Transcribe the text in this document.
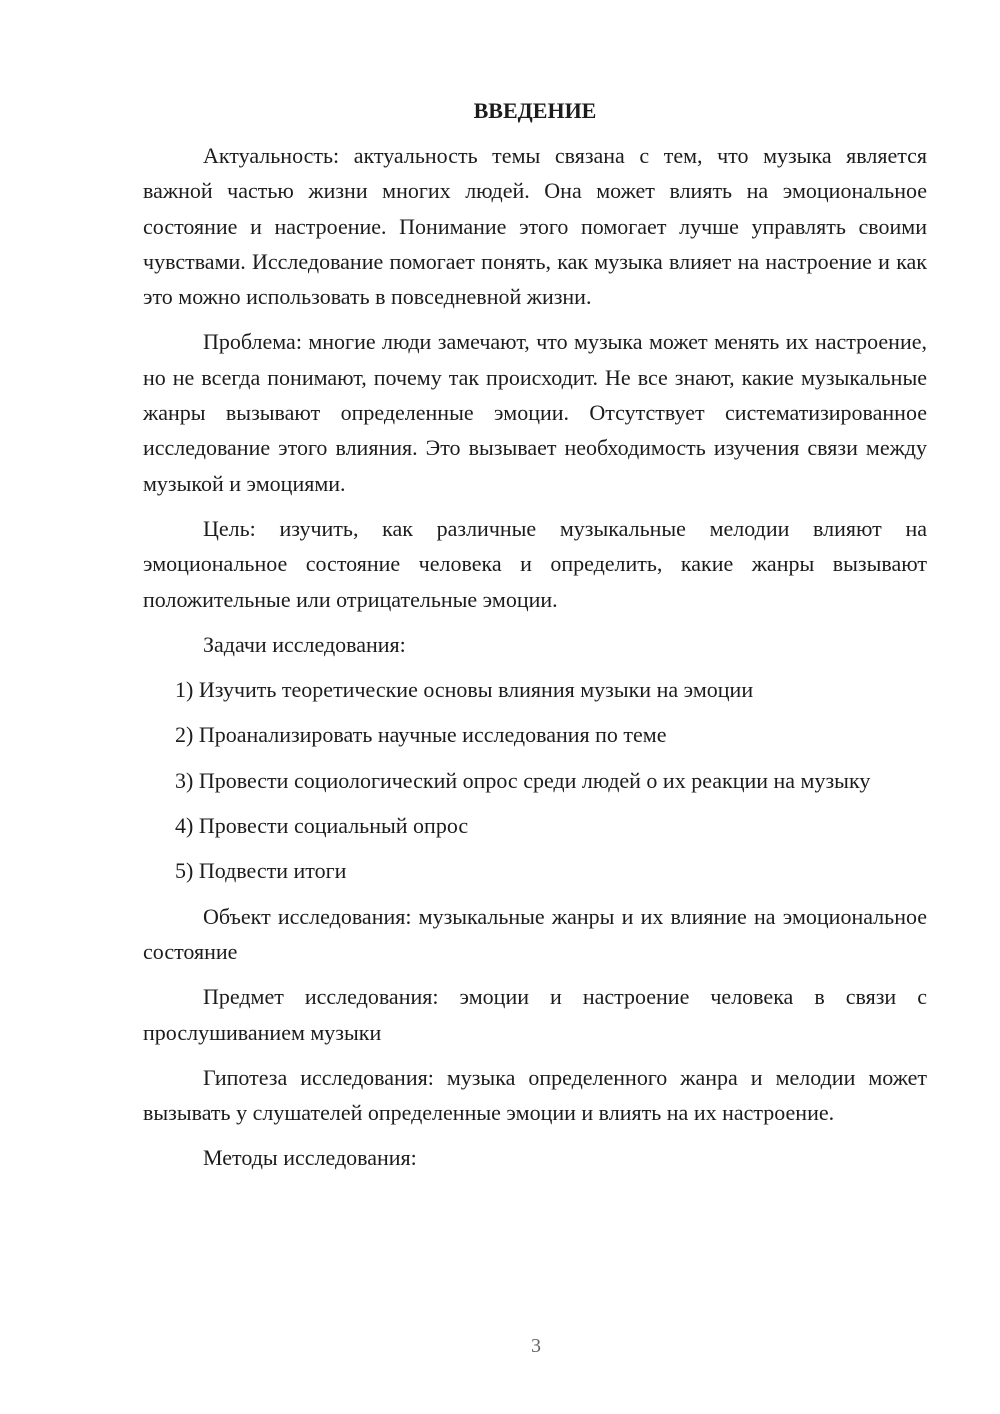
ВВЕДЕНИЕ

Актуальность: актуальность темы связана с тем, что музыка является важной частью жизни многих людей. Она может влиять на эмоциональное состояние и настроение. Понимание этого помогает лучше управлять своими чувствами. Исследование помогает понять, как музыка влияет на настроение и как это можно использовать в повседневной жизни.

Проблема: многие люди замечают, что музыка может менять их настроение, но не всегда понимают, почему так происходит. Не все знают, какие музыкальные жанры вызывают определенные эмоции. Отсутствует систематизированное исследование этого влияния. Это вызывает необходимость изучения связи между музыкой и эмоциями.

Цель: изучить, как различные музыкальные мелодии влияют на эмоциональное состояние человека и определить, какие жанры вызывают положительные или отрицательные эмоции.

Задачи исследования:

1) Изучить теоретические основы влияния музыки на эмоции

2) Проанализировать научные исследования по теме

3) Провести социологический опрос среди людей о их реакции на музыку

4) Провести социальный опрос

5) Подвести итоги

Объект исследования: музыкальные жанры и их влияние на эмоциональное состояние

Предмет исследования: эмоции и настроение человека в связи с прослушиванием музыки

Гипотеза исследования: музыка определенного жанра и мелодии может вызывать у слушателей определенные эмоции и влиять на их настроение.

Методы исследования:

3
